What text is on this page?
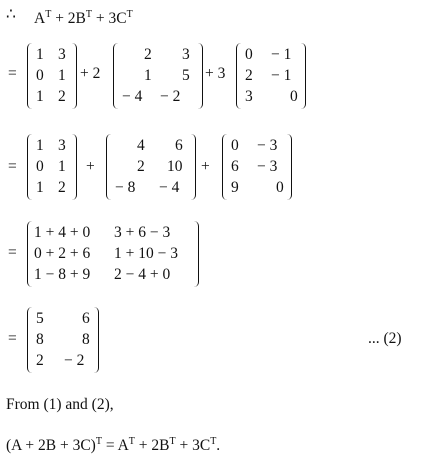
∴ $A^T + 2B^T + 3C^T$
=
1 3
0 1
1 2
+ 2
2 3
1 5
− 4 − 2
+ 3
0 − 1
2 − 1
3 0
=
1 3
0 1
1 2
+
4 6
2 10
− 8 − 4
+
0 − 3
6 − 3
9 0
=
1 + 4 + 0 3 + 6 − 3
0 + 2 + 6 1 + 10 − 3
1 − 8 + 9 2 − 4 + 0
=
5 6
8 8
2 − 2
... (2)
From (1) and (2),
$(A + 2B + 3C)^T = A^T + 2B^T + 3C^T$.
